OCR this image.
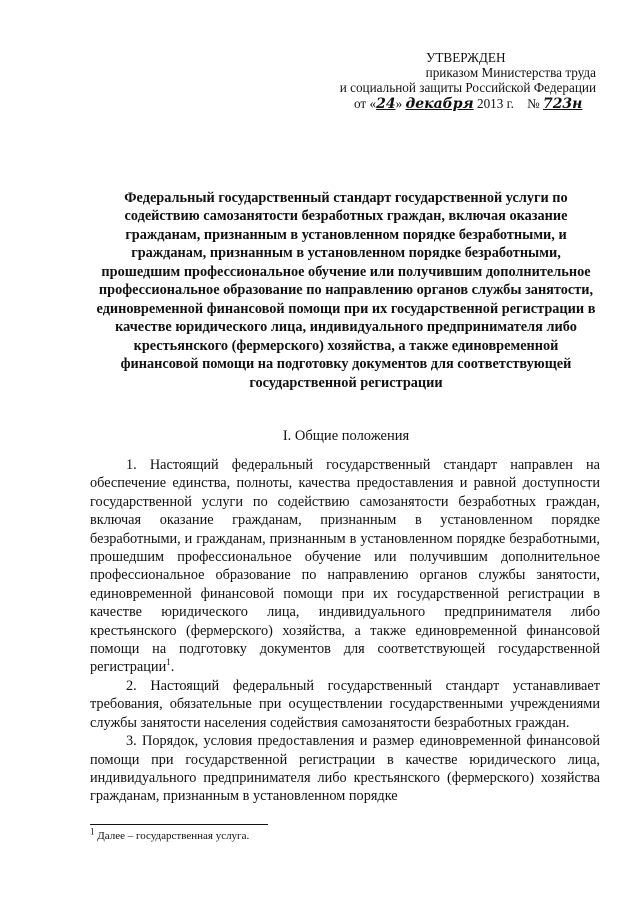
УТВЕРЖДЕН
приказом Министерства труда
и социальной защиты Российской Федерации
от «24» декабря 2013 г. № 723н
Федеральный государственный стандарт государственной услуги по содействию самозанятости безработных граждан, включая оказание гражданам, признанным в установленном порядке безработными, и гражданам, признанным в установленном порядке безработными, прошедшим профессиональное обучение или получившим дополнительное профессиональное образование по направлению органов службы занятости, единовременной финансовой помощи при их государственной регистрации в качестве юридического лица, индивидуального предпринимателя либо крестьянского (фермерского) хозяйства, а также единовременной финансовой помощи на подготовку документов для соответствующей государственной регистрации
I. Общие положения

1. Настоящий федеральный государственный стандарт направлен на обеспечение единства, полноты, качества предоставления и равной доступности государственной услуги по содействию самозанятости безработных граждан, включая оказание гражданам, признанным в установленном порядке безработными, и гражданам, признанным в установленном порядке безработными, прошедшим профессиональное обучение или получившим дополнительное профессиональное образование по направлению органов службы занятости, единовременной финансовой помощи при их государственной регистрации в качестве юридического лица, индивидуального предпринимателя либо крестьянского (фермерского) хозяйства, а также единовременной финансовой помощи на подготовку документов для соответствующей государственной регистрации$^1$.

2. Настоящий федеральный государственный стандарт устанавливает требования, обязательные при осуществлении государственными учреждениями службы занятости населения содействия самозанятости безработных граждан.

3. Порядок, условия предоставления и размер единовременной финансовой помощи при государственной регистрации в качестве юридического лица, индивидуального предпринимателя либо крестьянского (фермерского) хозяйства гражданам, признанным в установленном порядке

$^1$ Далее – государственная услуга.
